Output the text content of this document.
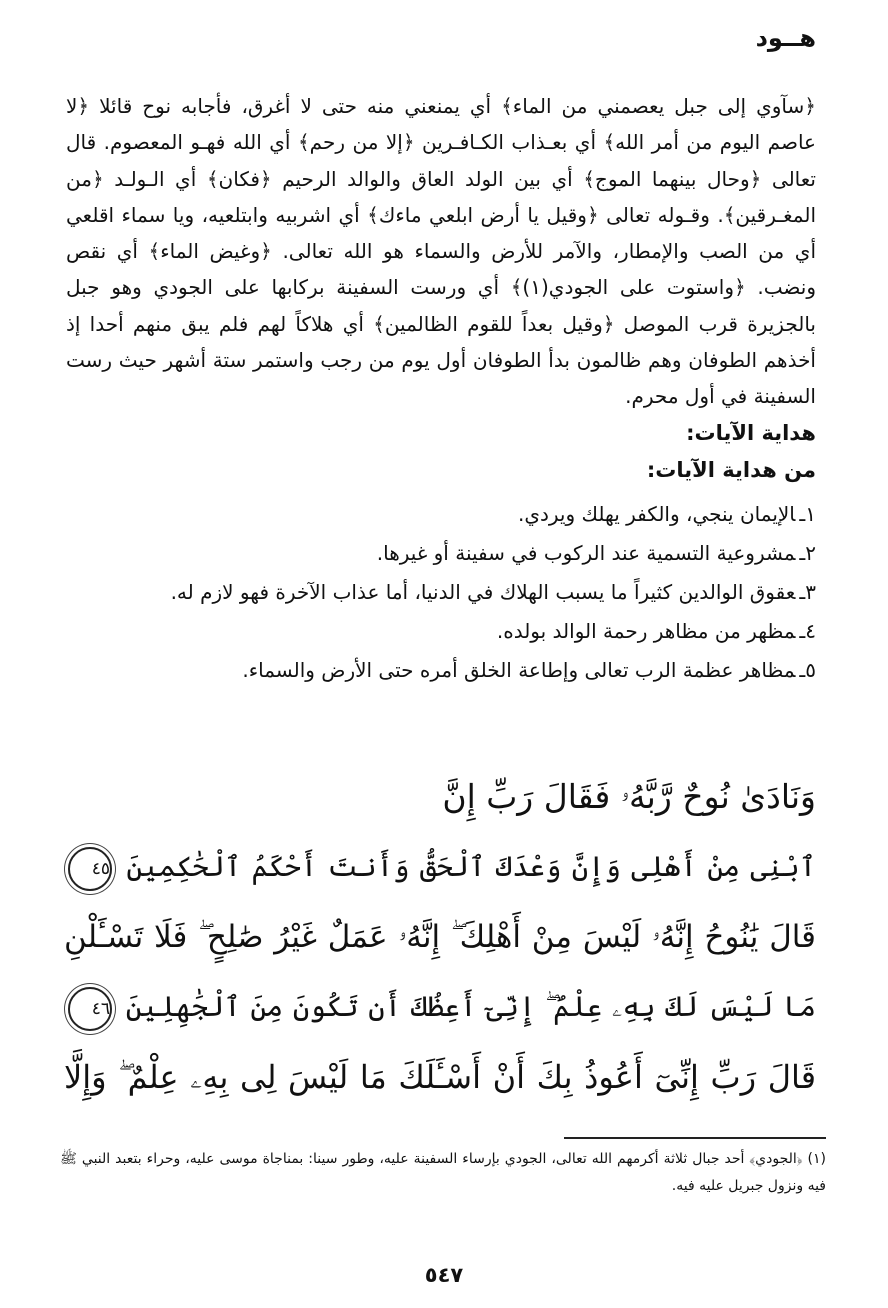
هــود

﴿سآوي إلى جبل يعصمني من الماء﴾ أي يمنعني منه حتى لا أغرق، فأجابه نوح قائلا ﴿لا عاصم اليوم من أمر الله﴾ أي بعـذاب الكـافـرين ﴿إلا من رحم﴾ أي الله فهـو المعصوم. قال تعالى ﴿وحال بينهما الموج﴾ أي بين الولد العاق والوالد الرحيم ﴿فكان﴾ أي الـولـد ﴿من المغـرقين﴾. وقـوله تعالى ﴿وقيل يا أرض ابلعي ماءك﴾ أي اشربيه وابتلعيه، ويا سماء اقلعي أي من الصب والإمطار، والآمر للأرض والسماء هو الله تعالى. ﴿وغيض الماء﴾ أي نقص ونضب. ﴿واستوت على الجودي(١)﴾ أي ورست السفينة بركابها على الجودي وهو جبل بالجزيرة قرب الموصل ﴿وقيل بعداً للقوم الظالمين﴾ أي هلاكاً لهم فلم يبق منهم أحدا إذ أخذهم الطوفان وهم ظالمون بدأ الطوفان أول يوم من رجب واستمر ستة أشهر حيث رست السفينة في أول محرم.

هداية الآيات:
من هداية الآيات:
١ـالإيمان ينجي، والكفر يهلك ويردي.
٢ـمشروعية التسمية عند الركوب في سفينة أو غيرها.
٣ـعقوق الوالدين كثيراً ما يسبب الهلاك في الدنيا، أما عذاب الآخرة فهو لازم له.
٤ـمظهر من مظاهر رحمة الوالد بولده.
٥ـمظاهر عظمة الرب تعالى وإطاعة الخلق أمره حتى الأرض والسماء.
وَنَادَىٰ نُوحٌ رَّبَّهُۥ فَقَالَ رَبِّ إِنَّ
ٱبْنِى مِنْ أَهْلِى وَإِنَّ وَعْدَكَ ٱلْحَقُّ وَأَنتَ أَحْكَمُ ٱلْحَٰكِمِينَ ٤٥
قَالَ يَٰنُوحُ إِنَّهُۥ لَيْسَ مِنْ أَهْلِكَ ۖ إِنَّهُۥ عَمَلٌ غَيْرُ صَٰلِحٍ ۖ فَلَا تَسْـَٔلْنِ
مَا لَيْسَ لَكَ بِهِۦ عِلْمٌ ۖ إِنِّىٓ أَعِظُكَ أَن تَكُونَ مِنَ ٱلْجَٰهِلِينَ ٤٦
قَالَ رَبِّ إِنِّىٓ أَعُوذُ بِكَ أَنْ أَسْـَٔلَكَ مَا لَيْسَ لِى بِهِۦ عِلْمٌ ۖ وَإِلَّا
(١) ﴿الجودي﴾ أحد جبال ثلاثة أكرمهم الله تعالى، الجودي بإرساء السفينة عليه، وطور سينا: بمناجاة موسى عليه، وحراء بتعبد النبي ﷺ فيه ونزول جبريل عليه فيه.
٥٤٧
